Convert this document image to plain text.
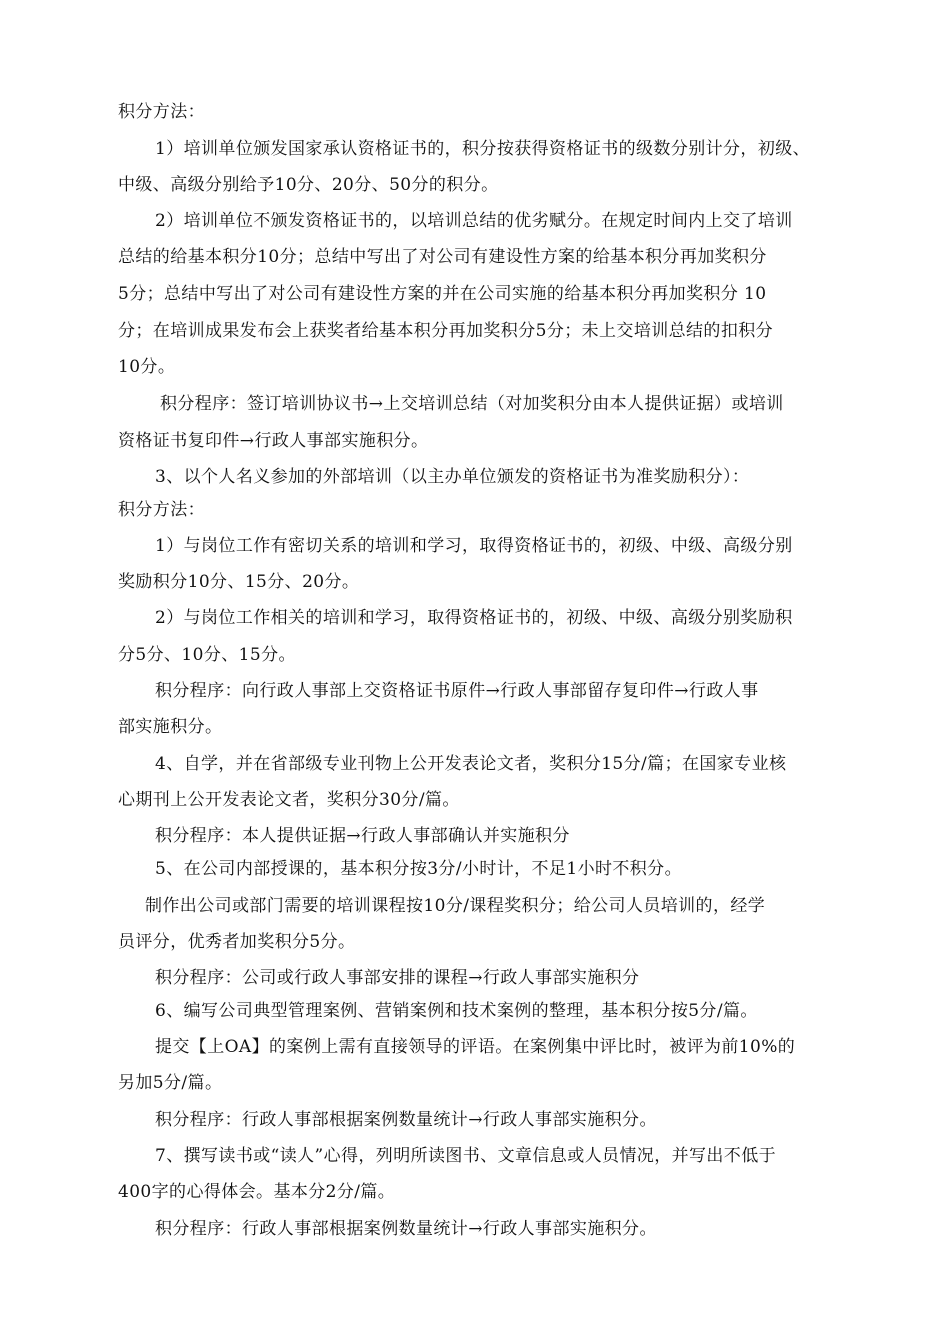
积分方法：

1）培训单位颁发国家承认资格证书的，积分按获得资格证书的级数分别计分，初级、

中级、高级分别给予10分、20分、50分的积分。

2）培训单位不颁发资格证书的，以培训总结的优劣赋分。在规定时间内上交了培训

总结的给基本积分10分；总结中写出了对公司有建设性方案的给基本积分再加奖积分

5分；总结中写出了对公司有建设性方案的并在公司实施的给基本积分再加奖积分 10

分；在培训成果发布会上获奖者给基本积分再加奖积分5分；未上交培训总结的扣积分

10分。

积分程序：签订培训协议书→上交培训总结（对加奖积分由本人提供证据）或培训

资格证书复印件→行政人事部实施积分。

3、以个人名义参加的外部培训（以主办单位颁发的资格证书为准奖励积分）：

积分方法：

1）与岗位工作有密切关系的培训和学习，取得资格证书的，初级、中级、高级分别

奖励积分10分、15分、20分。

2）与岗位工作相关的培训和学习，取得资格证书的，初级、中级、高级分别奖励积

分5分、10分、15分。

积分程序：向行政人事部上交资格证书原件→行政人事部留存复印件→行政人事

部实施积分。

4、自学，并在省部级专业刊物上公开发表论文者，奖积分15分/篇；在国家专业核

心期刊上公开发表论文者，奖积分30分/篇。

积分程序：本人提供证据→行政人事部确认并实施积分

5、在公司内部授课的，基本积分按3分/小时计，不足1小时不积分。

制作出公司或部门需要的培训课程按10分/课程奖积分；给公司人员培训的，经学

员评分，优秀者加奖积分5分。

积分程序：公司或行政人事部安排的课程→行政人事部实施积分

6、编写公司典型管理案例、营销案例和技术案例的整理，基本积分按5分/篇。

提交【上OA】的案例上需有直接领导的评语。在案例集中评比时，被评为前10%的

另加5分/篇。

积分程序：行政人事部根据案例数量统计→行政人事部实施积分。

7、撰写读书或“读人”心得，列明所读图书、文章信息或人员情况，并写出不低于

400字的心得体会。基本分2分/篇。

积分程序：行政人事部根据案例数量统计→行政人事部实施积分。
